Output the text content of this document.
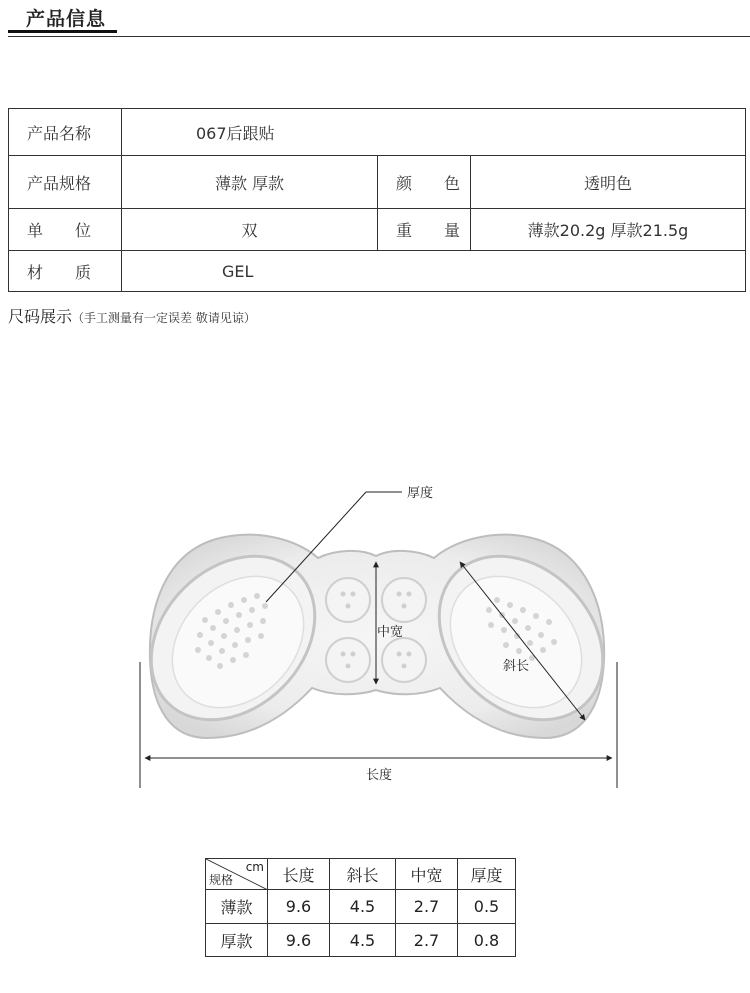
产品信息
产品名称	067后跟贴		
产品规格	薄款 厚款	颜　　色	透明色
单　　位	双	重　　量	薄款20.2g 厚款21.5g
材　　质	GEL		
尺码展示（手工测量有一定误差 敬请见谅）
厚度
中宽
斜长
长度
cm
规格	长度	斜长	中宽	厚度
薄款	9.6	4.5	2.7	0.5
厚款	9.6	4.5	2.7	0.8
